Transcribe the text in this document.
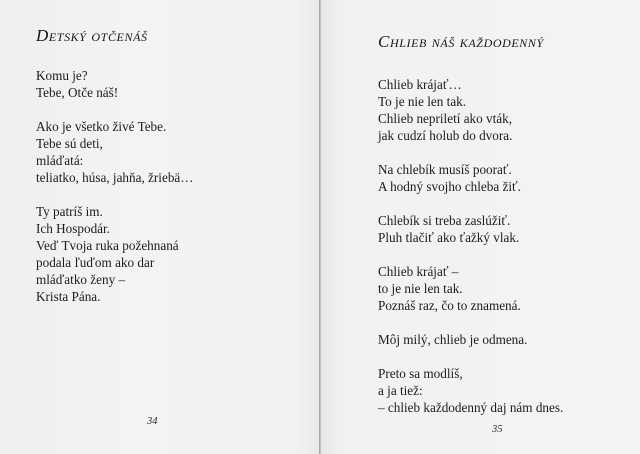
Detský otčenáš
Komu je?
Tebe, Otče náš!
Ako je všetko živé Tebe.
Tebe sú deti,
mláďatá:
teliatko, húsa, jahňa, žriebä…
Ty patríš im.
Ich Hospodár.
Veď Tvoja ruka požehnaná
podala ľuďom ako dar
mláďatko ženy –
Krista Pána.
34
Chlieb náš každodenný
Chlieb krájať…
To je nie len tak.
Chlieb nepriletí ako vták,
jak cudzí holub do dvora.
Na chlebík musíš poorať.
A hodný svojho chleba žiť.
Chlebík si treba zaslúžiť.
Pluh tlačiť ako ťažký vlak.
Chlieb krájať –
to je nie len tak.
Poznáš raz, čo to znamená.
Môj milý, chlieb je odmena.
Preto sa modlíš,
a ja tiež:
– chlieb každodenný daj nám dnes.
35
